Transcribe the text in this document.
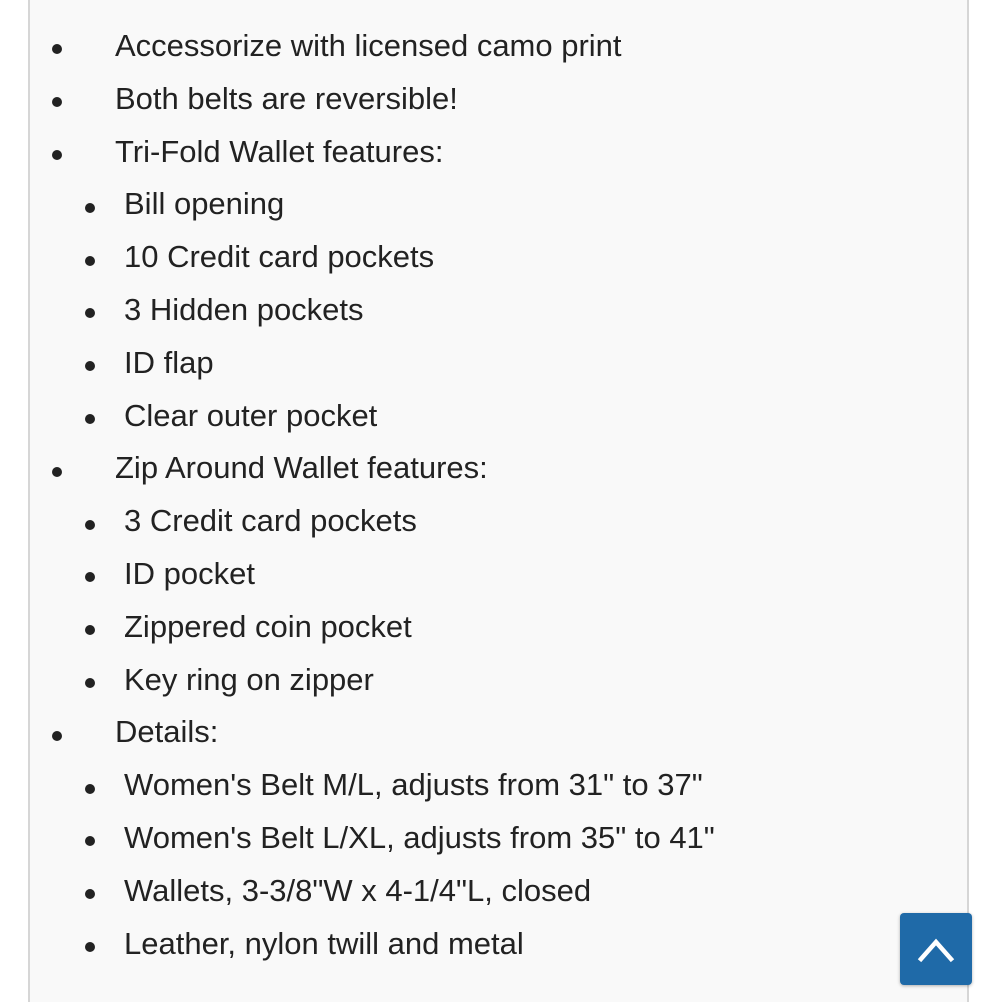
Accessorize with licensed camo print
Both belts are reversible!
Tri-Fold Wallet features:
Bill opening
10 Credit card pockets
3 Hidden pockets
ID flap
Clear outer pocket
Zip Around Wallet features:
3 Credit card pockets
ID pocket
Zippered coin pocket
Key ring on zipper
Details:
Women's Belt M/L, adjusts from 31" to 37"
Women's Belt L/XL, adjusts from 35" to 41"
Wallets, 3-3/8"W x 4-1/4"L, closed
Leather, nylon twill and metal
